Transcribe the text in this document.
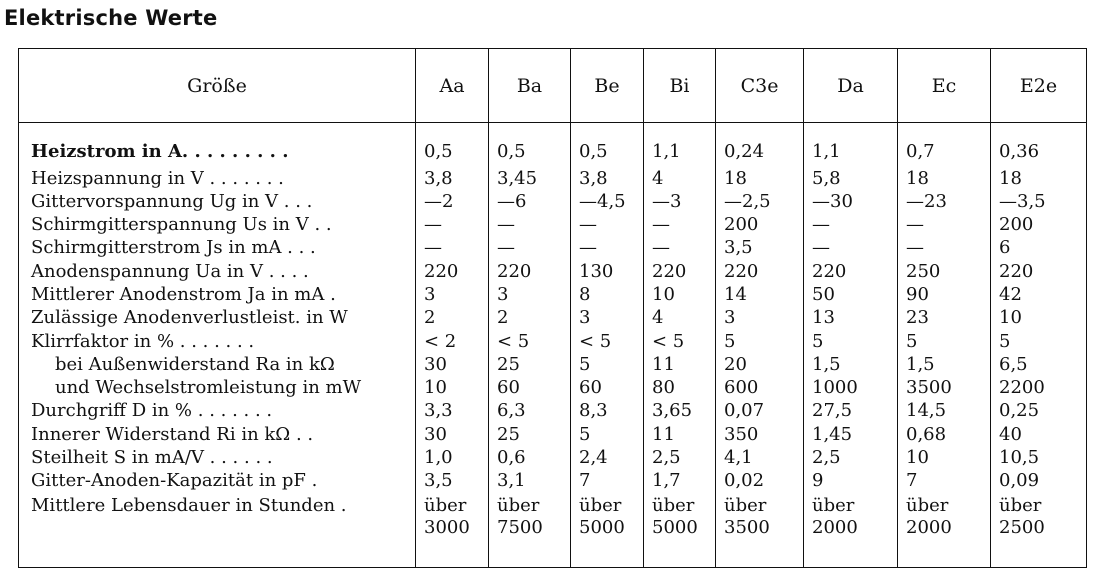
Elektrische Werte
Größe	Aa	Ba	Be	Bi	C3e	Da	Ec	E2e
Heizstrom in A. . . . . . . . .	0,5	0,5	0,5	1,1	0,24	1,1	0,7	0,36
Heizspannung in V . . . . . . .	3,8	3,45	3,8	4	18	5,8	18	18
Gittervorspannung Ug in V . . .	—2	—6	—4,5	—3	—2,5	—30	—23	—3,5
Schirmgitterspannung Us in V . .	—	—	—	—	200	—	—	200
Schirmgitterstrom Js in mA . . .	—	—	—	—	3,5	—	—	6
Anodenspannung Ua in V . . . .	220	220	130	220	220	220	250	220
Mittlerer Anodenstrom Ja in mA .	3	3	8	10	14	50	90	42
Zulässige Anodenverlustleist. in W	2	2	3	4	3	13	23	10
Klirrfaktor in % . . . . . . .	< 2	< 5	< 5	< 5	5	5	5	5
bei Außenwiderstand Ra in kΩ	30	25	5	11	20	1,5	1,5	6,5
und Wechselstromleistung in mW	10	60	60	80	600	1000	3500	2200
Durchgriff D in % . . . . . . .	3,3	6,3	8,3	3,65	0,07	27,5	14,5	0,25
Innerer Widerstand Ri in kΩ . .	30	25	5	11	350	1,45	0,68	40
Steilheit S in mA/V . . . . . .	1,0	0,6	2,4	2,5	4,1	2,5	10	10,5
Gitter-Anoden-Kapazität in pF .	3,5	3,1	7	1,7	0,02	9	7	0,09
Mittlere Lebensdauer in Stunden .	über 3000	über 7500	über 5000	über 5000	über 3500	über 2000	über 2000	über 2500
